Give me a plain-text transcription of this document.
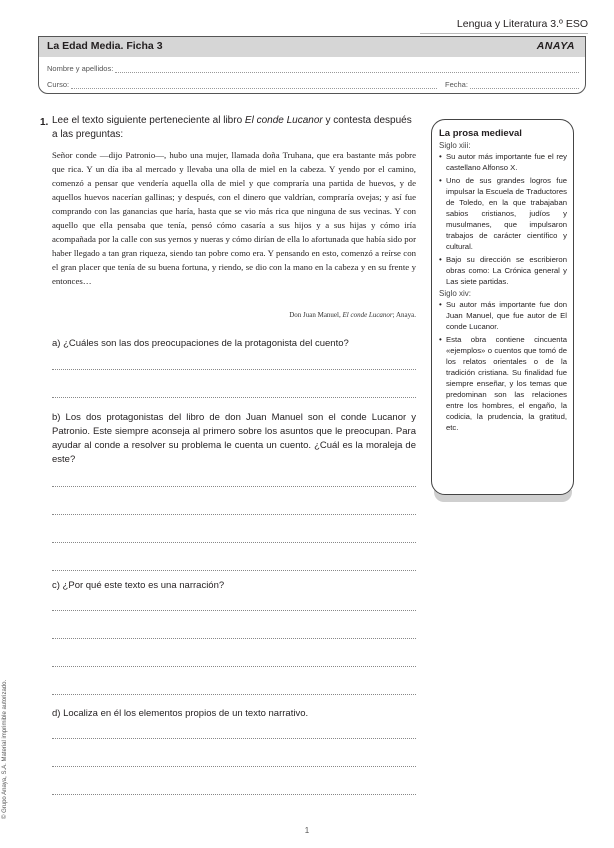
Lengua y Literatura 3.º ESO
La Edad Media. Ficha 3	ANAYA
Nombre y apellidos:
Curso:	Fecha:
1. Lee el texto siguiente perteneciente al libro El conde Lucanor y contesta después a las preguntas:
Señor conde —dijo Patronio—, hubo una mujer, llamada doña Truhana, que era bastante más pobre que rica. Y un día iba al mercado y llevaba una olla de miel en la cabeza. Y yendo por el camino, comenzó a pensar que vendería aquella olla de miel y que compraría una partida de huevos, y de aquellos huevos nacerían gallinas; y después, con el dinero que valdrían, compraría ovejas; y así fue comprando con las ganancias que haría, hasta que se vio más rica que ninguna de sus vecinas. Y con aquello que ella pensaba que tenía, pensó cómo casaría a sus hijos y a sus hijas y cómo iría acompañada por la calle con sus yernos y nueras y cómo dirían de ella lo afortunada que había sido por haber llegado a tan gran riqueza, siendo tan pobre como era. Y pensando en esto, comenzó a reírse con el gran placer que tenía de su buena fortuna, y riendo, se dio con la mano en la cabeza y en su frente y entonces…
Don Juan Manuel, El conde Lucanor; Anaya.
a) ¿Cuáles son las dos preocupaciones de la protagonista del cuento?
b) Los dos protagonistas del libro de don Juan Manuel son el conde Lucanor y Patronio. Este siempre aconseja al primero sobre los asuntos que le preocupan. Para ayudar al conde a resolver su problema le cuenta un cuento. ¿Cuál es la moraleja de este?
c) ¿Por qué este texto es una narración?
d) Localiza en él los elementos propios de un texto narrativo.
La prosa medieval
Siglo xiii:
• Su autor más importante fue el rey castellano Alfonso X.
• Uno de sus grandes logros fue impulsar la Escuela de Traductores de Toledo, en la que trabajaban sabios cristianos, judíos y musulmanes, que impulsaron trabajos de carácter científico y cultural.
• Bajo su dirección se escribieron obras como: La Crónica general y Las siete partidas.
Siglo xiv:
• Su autor más importante fue don Juan Manuel, que fue autor de El conde Lucanor.
• Esta obra contiene cincuenta «ejemplos» o cuentos que tomó de los relatos orientales o de la tradición cristiana. Su finalidad fue siempre enseñar, y los temas que predominan son las relaciones entre los hombres, el engaño, la codicia, la prudencia, la gratitud, etc.
© Grupo Anaya, S.A. Material imprimible autorizado.
1
